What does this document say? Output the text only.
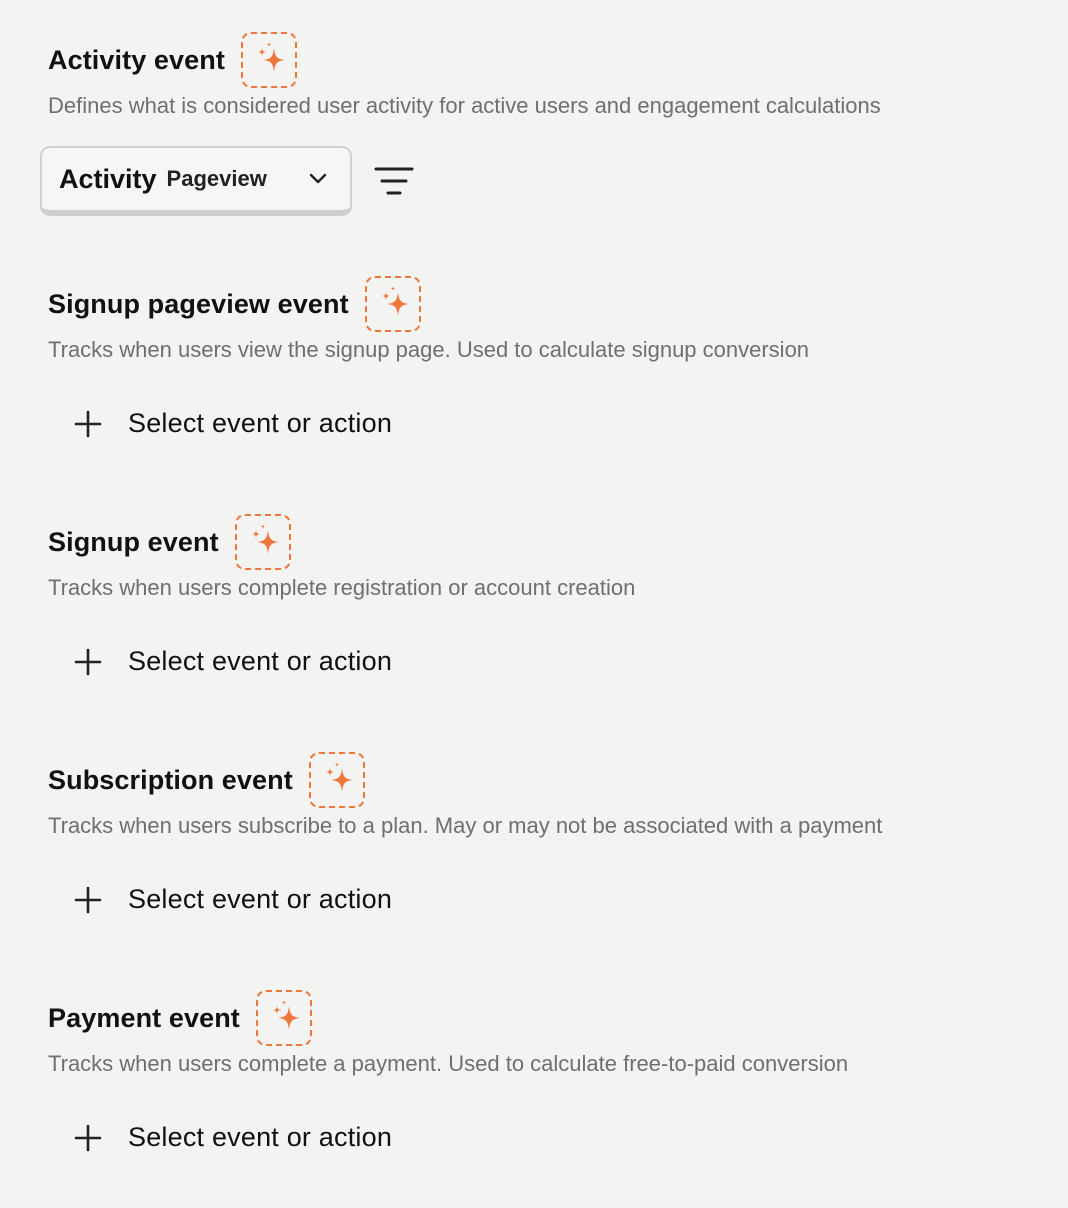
Activity event
Defines what is considered user activity for active users and engagement calculations
Activity Pageview
Signup pageview event
Tracks when users view the signup page. Used to calculate signup conversion
Select event or action
Signup event
Tracks when users complete registration or account creation
Select event or action
Subscription event
Tracks when users subscribe to a plan. May or may not be associated with a payment
Select event or action
Payment event
Tracks when users complete a payment. Used to calculate free-to-paid conversion
Select event or action
